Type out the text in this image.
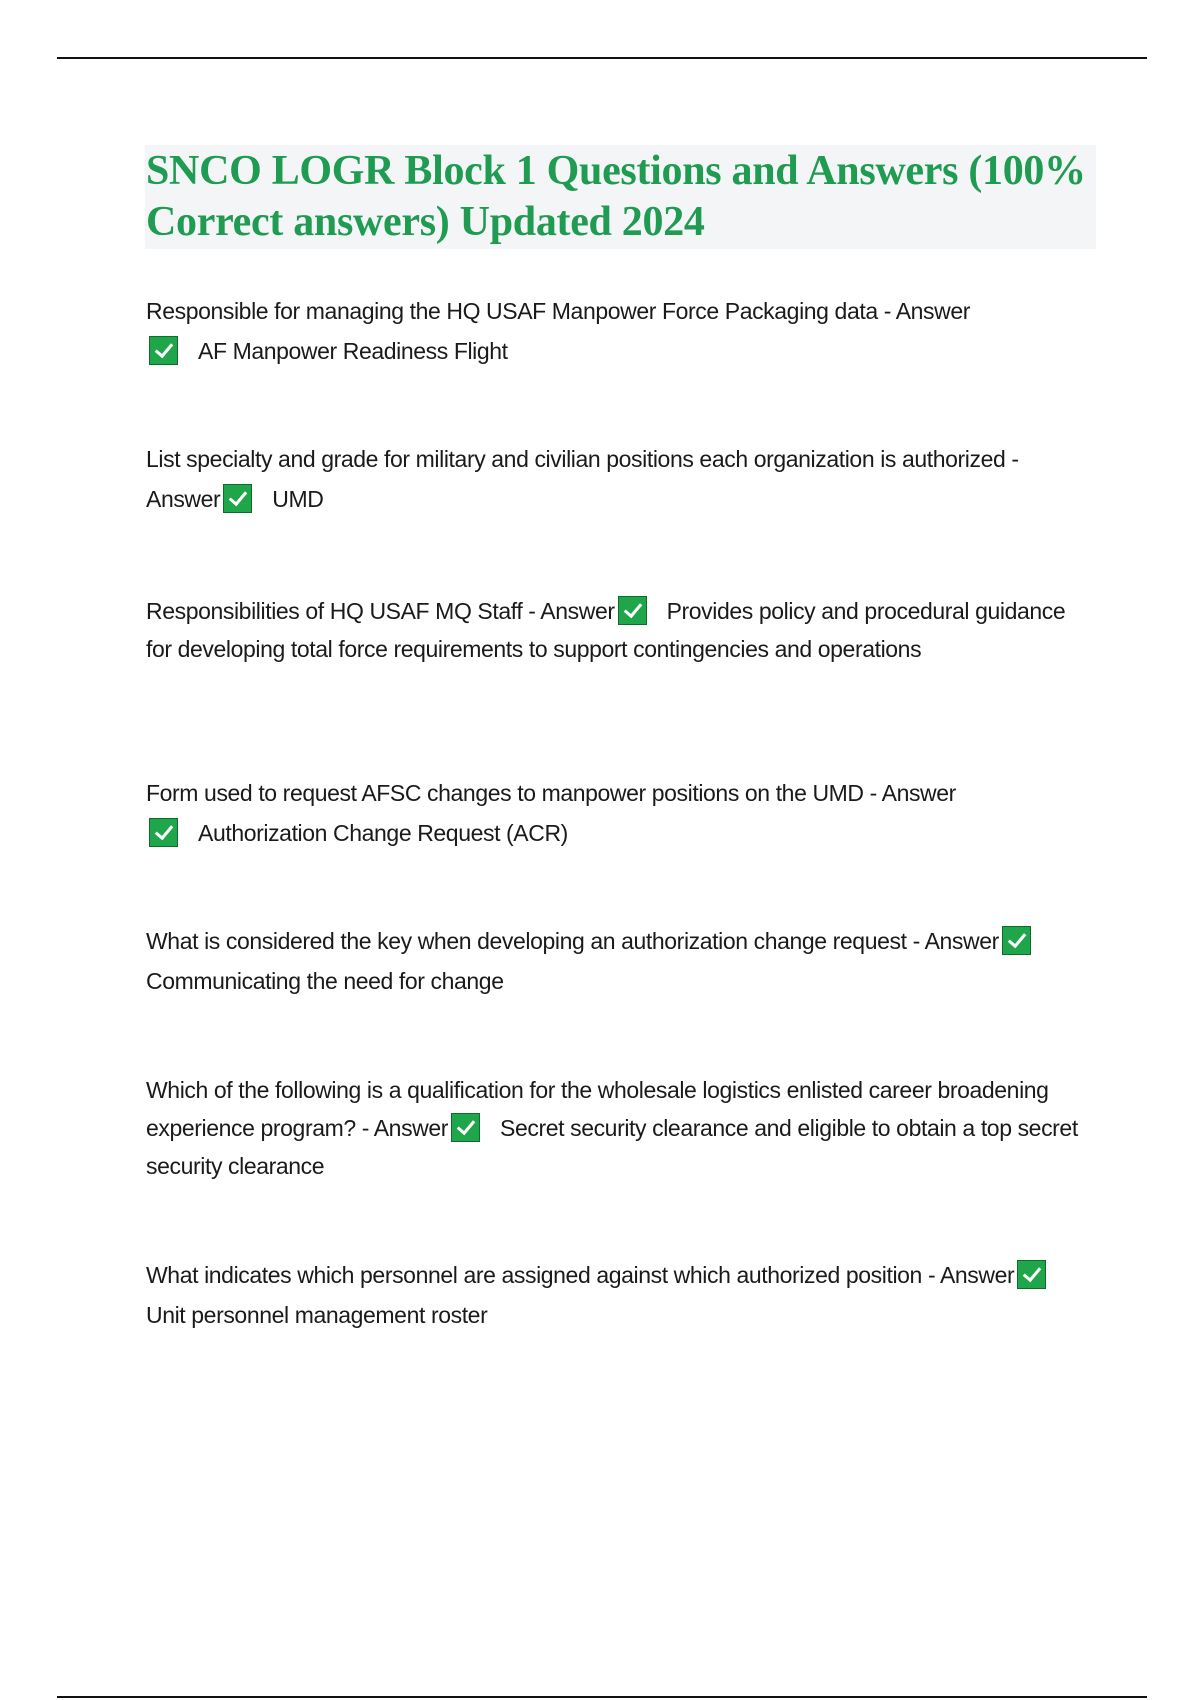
SNCO LOGR Block 1 Questions and Answers (100% Correct answers) Updated 2024
Responsible for managing the HQ USAF Manpower Force Packaging data - AnswerAF Manpower Readiness Flight
List specialty and grade for military and civilian positions each organization is authorized - Answer UMD
Responsibilities of HQ USAF MQ Staff - Answer Provides policy and procedural guidance for developing total force requirements to support contingencies and operations
Form used to request AFSC changes to manpower positions on the UMD - AnswerAuthorization Change Request (ACR)
What is considered the key when developing an authorization change request - AnswerCommunicating the need for change
Which of the following is a qualification for the wholesale logistics enlisted career broadening experience program? - Answer Secret security clearance and eligible to obtain a top secret security clearance
What indicates which personnel are assigned against which authorized position - AnswerUnit personnel management roster
